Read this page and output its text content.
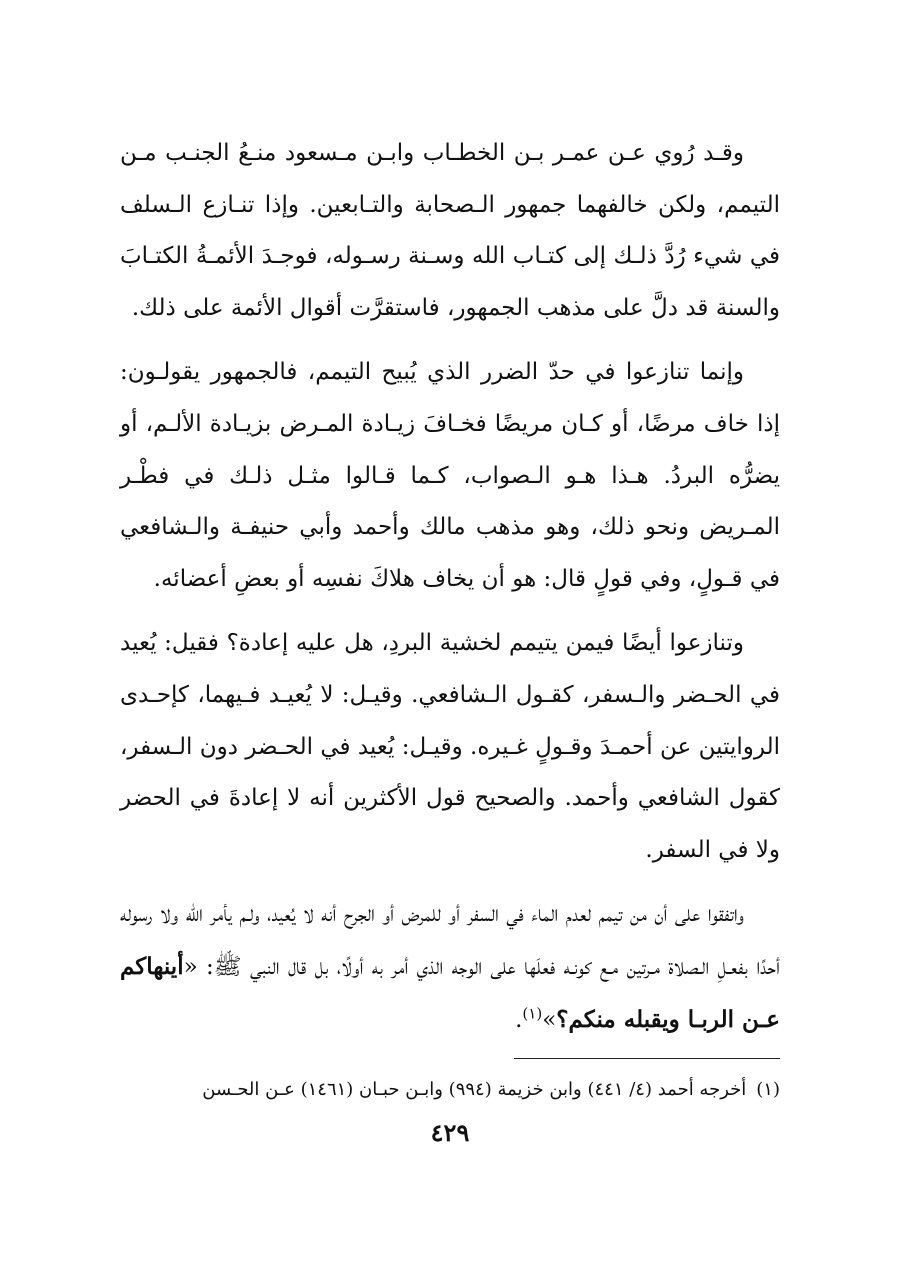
وقـد رُوي عـن عمـر بـن الخطـاب وابـن مـسعود منـعُ الجنـب مـن التيمم، ولكن خالفهما جمهور الـصحابة والتـابعين. وإذا تنـازع الـسلف في شيء رُدَّ ذلـك إلى كتـاب الله وسـنة رسـوله، فوجـدَ الأئمـةُ الكتـابَ والسنة قد دلَّ على مذهب الجمهور، فاستقرَّت أقوال الأئمة على ذلك.

وإنما تنازعوا في حدّ الضرر الذي يُبيح التيمم، فالجمهور يقولـون: إذا خاف مرضًا، أو كـان مريضًا فخـافَ زيـادة المـرض بزيـادة الألـم، أو يضرُّه البردُ. هـذا هـو الـصواب، كـما قـالوا مثـل ذلـك في فطْـر المـريض ونحو ذلك، وهو مذهب مالك وأحمد وأبي حنيفـة والـشافعي في قـولٍ، وفي قولٍ قال: هو أن يخاف هلاكَ نفسِه أو بعضِ أعضائه.

وتنازعوا أيضًا فيمن يتيمم لخشية البردِ، هل عليه إعادة؟ فقيل: يُعيد في الحـضر والـسفر، كقـول الـشافعي. وقيـل: لا يُعيـد فـيهما، كإحـدى الروايتين عن أحمـدَ وقـولٍ غـيره. وقيـل: يُعيد في الحـضر دون الـسفر، كقول الشافعي وأحمد. والصحيح قول الأكثرين أنه لا إعادةَ في الحضر ولا في السفر.

واتفقوا على أن من تيمم لعدم الماء في السفر أو للمرض أو الجرح أنه لا يُعيد، ولـم يأمر الله ولا رسوله أحدًا بفعـلِ الـصلاة مـرتين مـع كونـه فعلَها على الوجه الذي أمر به أولًا، بل قال النبي ﷺ: «أينهاكم عـن الربـا ويقبله منكم؟»$^{(١)}$.

(١)أخرجه أحمد (٤/ ٤٤١) وابن خزيمة (٩٩٤) وابـن حبـان (١٤٦١) عـن الحـسن
٤٢٩
